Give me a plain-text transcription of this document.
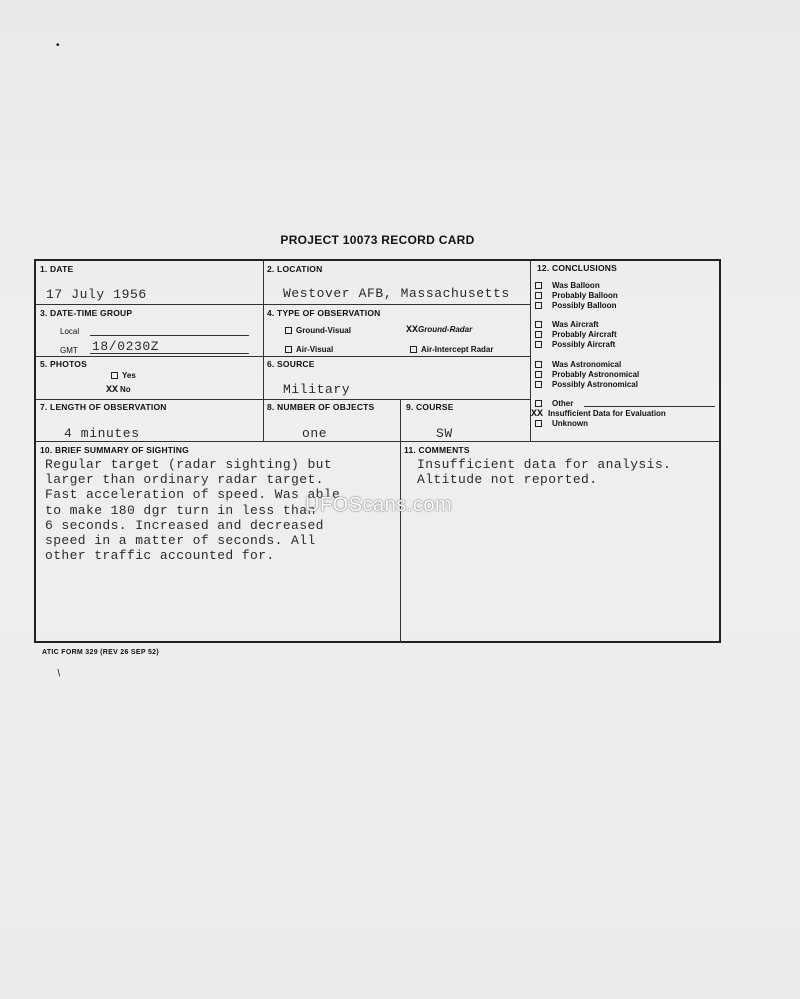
•
/
PROJECT 10073 RECORD CARD
1. DATE
17 July 1956
2. LOCATION
Westover AFB, Massachusetts
3. DATE-TIME GROUP
Local
GMT 18/0230Z
4. TYPE OF OBSERVATION
Ground-Visual	XXGround-Radar
Air-Visual	Air-Intercept Radar
5. PHOTOS
Yes
XX No
6. SOURCE
Military
7. LENGTH OF OBSERVATION
4 minutes
8. NUMBER OF OBJECTS
one
9. COURSE
SW
10. BRIEF SUMMARY OF SIGHTING
Regular target (radar sighting) but
larger than ordinary radar target.
Fast acceleration of speed. Was able
to make 180 dgr turn in less than
6 seconds. Increased and decreased
speed in a matter of seconds. All
other traffic accounted for.
11. COMMENTS
Insufficient data for analysis.
Altitude not reported.
12. CONCLUSIONS
Was Balloon
Probably Balloon
Possibly Balloon
Was Aircraft
Probably Aircraft
Possibly Aircraft
Was Astronomical
Probably Astronomical
Possibly Astronomical
Other
XX Insufficient Data for Evaluation
Unknown
UFOScans.com
ATIC FORM 329 (REV 26 SEP 52)
